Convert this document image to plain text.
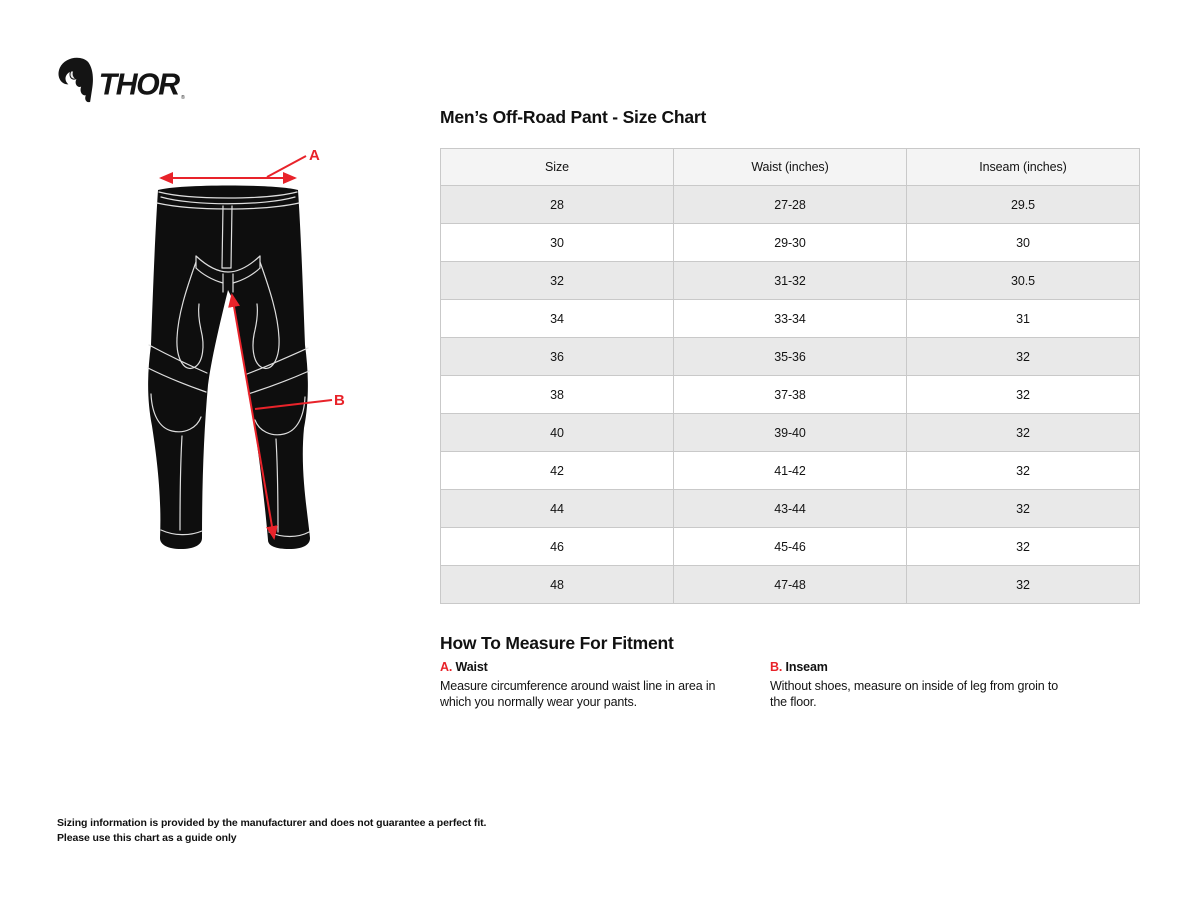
THOR ®
A
B
Men’s Off-Road Pant - Size Chart
Size	Waist (inches)	Inseam (inches)
28	27-28	29.5
30	29-30	30
32	31-32	30.5
34	33-34	31
36	35-36	32
38	37-38	32
40	39-40	32
42	41-42	32
44	43-44	32
46	45-46	32
48	47-48	32
How To Measure For Fitment
A. Waist
Measure circumference around waist line in area in which you normally wear your pants.
B. Inseam
Without shoes, measure on inside of leg from groin to the floor.
Sizing information is provided by the manufacturer and does not guarantee a perfect fit.
Please use this chart as a guide only
